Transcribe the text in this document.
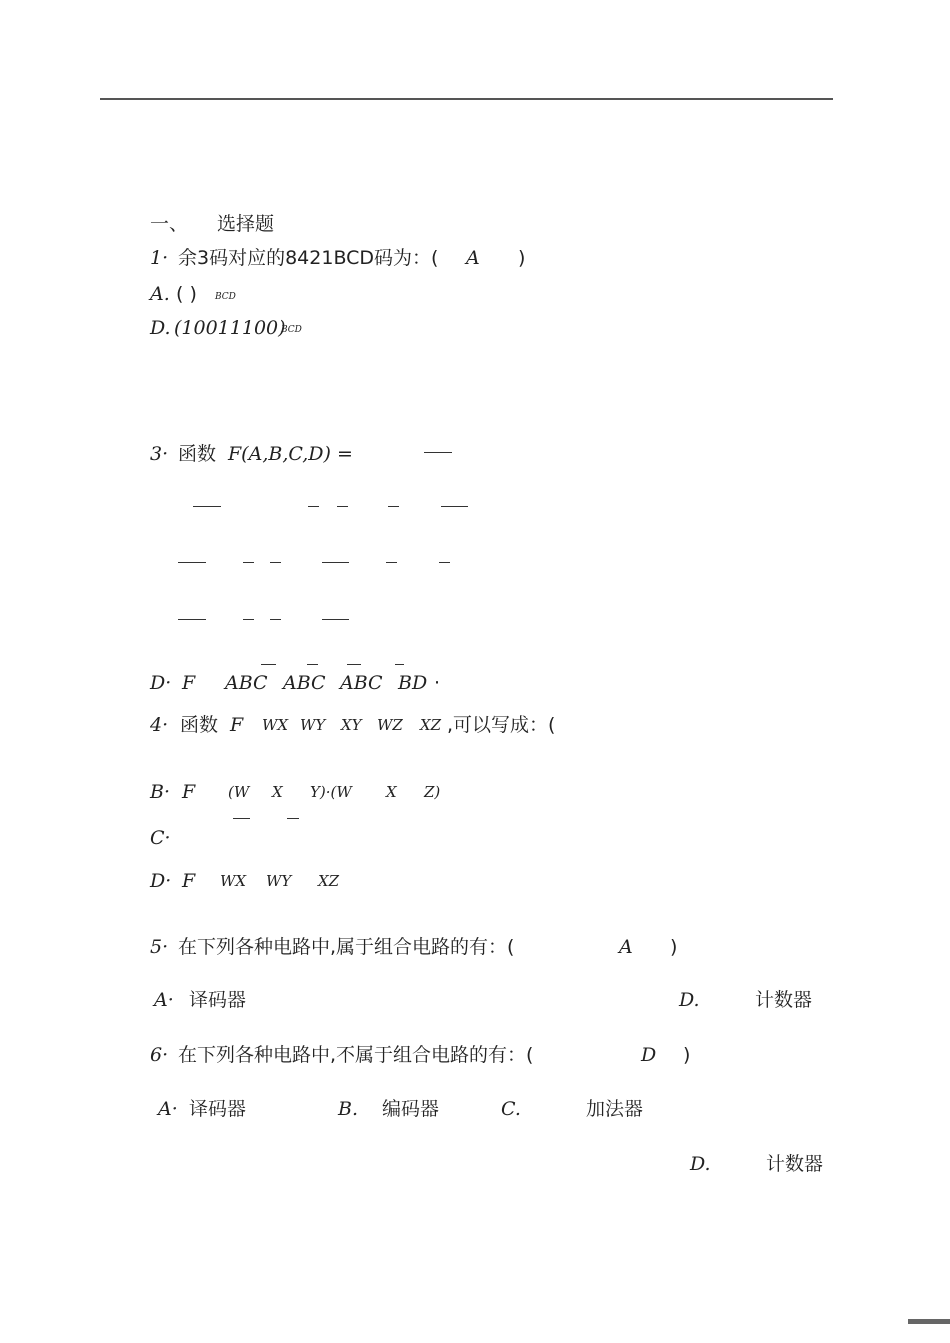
一、 选择题
1· 余3码对应的8421BCD码为：( A )
A. ( ) BCD
D. (10011100)
BCD
3· 函数 F(A,B,C,D) =
D· F ABC ABC ABC BD ·
4· 函数 F WX WY XY WZ XZ ,可以写成：(
B· F (W X Y)·(W X Z)
C·
D· F WX WY XZ
5· 在下列各种电路中,属于组合电路的有：(	A )
A· 译码器	D.	计数器
6· 在下列各种电路中,不属于组合电路的有：(	D )
A· 译码器	B. 编码器	C.	加法器
D.	计数器
